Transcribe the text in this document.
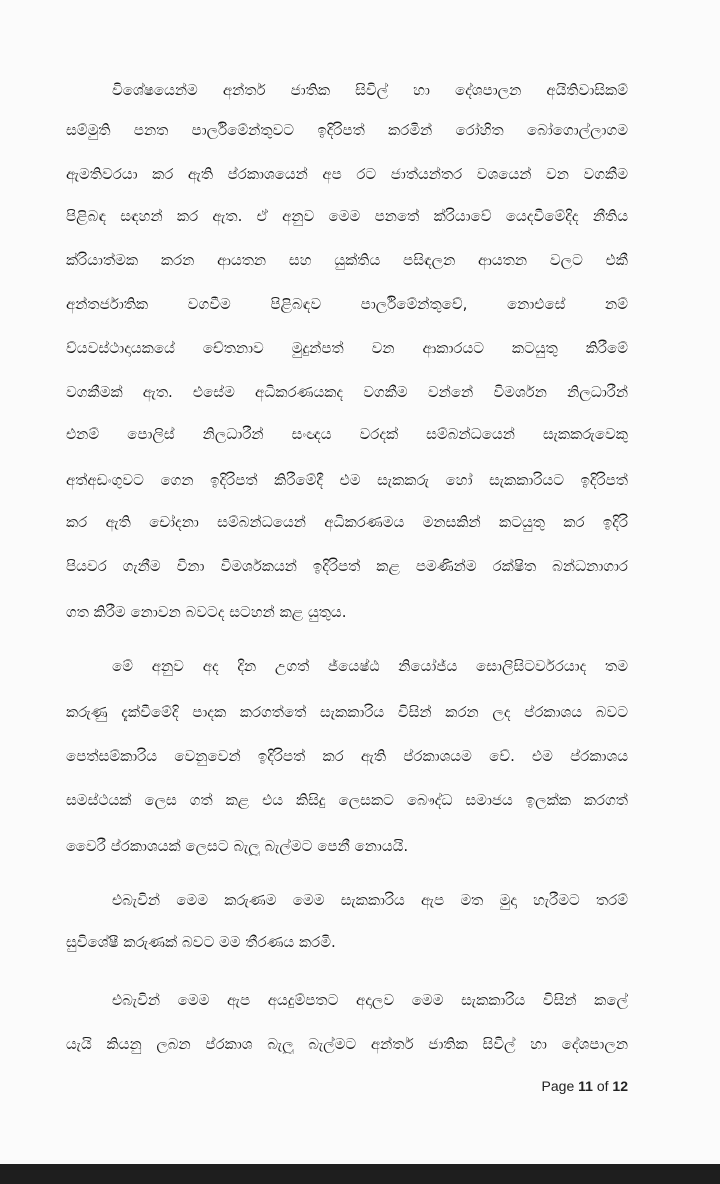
විශේෂයෙන්ම අන්තර් ජාතික සිවිල් හා දේශපාලන අයිතිවාසිකම්
සම්මුති පනත පාර්ලිමේන්තුවට ඉදිරිපත් කරමින් රෝහිත බෝගොල්ලාගම
ඇමතිවරයා කර ඇති ප්රකාශයෙන් අප රට ජාත්යන්තර වශයෙන් වන වගකීම
පිළිබඳ සඳහන් කර ඇත. ඒ අනුව මෙම පනතේ ක්රියාවේ යෙදවීමේදිද නීතිය
ක්රියාත්මක කරන ආයතන සහ යුක්තිය පසිඳලන ආයතන වලට එකී
අන්තර්ජාතික වගවීම පිළිබඳව පාර්ලිමේන්තුවේ, නොඑසේ නම්
ව්යවස්ථාදායකයේ චේතනාව මුදුන්පත් වන ආකාරයට කටයුතු කිරීමේ
වගකීමක් ඇත. එසේම අධිකරණයකද වගකීම වන්නේ විමර්ශන නිලධාරීන්
එනම් පොලිස් නිලධාරීන් සංඥය වරදක් සම්බන්ධයෙන් සැකකරුවෙකු
අත්අඩංගුවට ගෙන ඉදිරිපත් කිරීමේදී එම සැකකරු හෝ සැකකාරියට ඉදිරිපත්
කර ඇති චෝදනා සම්බන්ධයෙන් අධිකරණමය මනසකින් කටයුතු කර ඉදිරි
පියවර ගැනීම විනා විමර්ශකයන් ඉදිරිපත් කළ පමණින්ම රක්ෂිත බන්ධනාගාර
ගත කිරීම නොවන බවටද සටහන් කළ යුතුය.
මේ අනුව අද දින උගත් ජ්යෙෂ්ඨ නියෝජ්ය සොලිසිටර්වරයාද තම
කරුණු දැක්වීමේදි පාදක කරගත්තේ සැකකාරිය විසින් කරන ලද ප්රකාශය බවට
පෙත්සම්කාරිය වෙනුවෙන් ඉදිරිපත් කර ඇති ප්රකාශයම වේ. එම ප්රකාශය
සමස්ථයක් ලෙස ගත් කළ එය කිසිදු ලෙසකට බෞද්ධ සමාජය ඉලක්ක කරගත්
වෛරී ප්රකාශයක් ලෙසට බැලූ බැල්මට පෙනී නොයයි.
එබැවින් මෙම කරුණම මෙම සැකකාරිය ඇප මත මුදා හැරීමට තරම්
සුවිශේෂී කරුණක් බවට මම තීරණය කරමි.
එබැවින් මෙම ඇප අයදුම්පතට අදාලව මෙම සැකකාරිය විසින් කලේ
යැයි කියනු ලබන ප්රකාශ බැලූ බැල්මට අන්තර් ජාතික සිවිල් හා දේශපාලන
Page 11 of 12
